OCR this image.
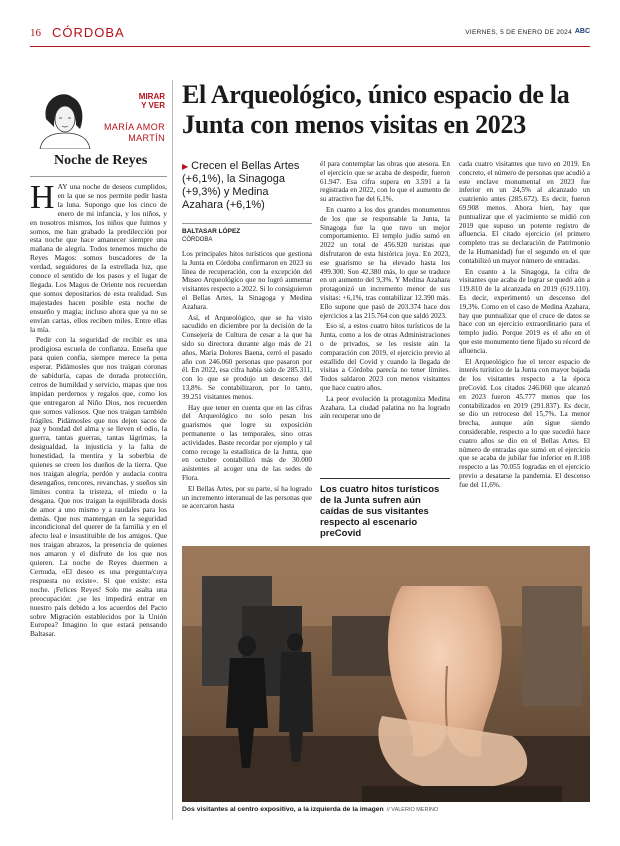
16 CÓRDOBA	VIERNES, 5 DE ENERO DE 2024 ABC
MIRAR
Y VER
MARÍA AMOR
MARTÍN
Noche de Reyes

HAY una noche de deseos cumplidos, en la que se nos permite pedir hasta la luna. Supongo que los cinco de enero de mi infancia, y los niños, y en nosotros mismos, los niños que fuimos y somos, me han grabado la predilección por esta noche que hace amanecer siempre una mañana de alegría. Todos tenemos mucho de Reyes Magos: somos buscadores de la verdad, seguidores de la estrellada luz, que conoce el sentido de los pasos y el lugar de llegada. Los Magos de Oriente nos recuerdan que somos depositarios de esta realidad. Sus majestades hacen posible esta noche de ensueño y magia; incluso ahora que ya no se envían cartas, ellos reciben miles. Entre ellas la mía.

Pedir con la seguridad de recibir es una prodigiosa escuela de confianza. Enseña que para quien confía, siempre merece la pena esperar. Pidámosles que nos traigan coronas de sabiduría, capas de dorada protección, cetros de humildad y servicio, mapas que nos impidan perdernos y regalos que, como los que entregaron al Niño Dios, nos recuerden que somos valiosos. Que nos traigan también frágiles. Pidámosles que nos dejen sacos de paz y bondad del alma y se lleven el odio, la guerra, tantas guerras, tantas lágrimas, la desigualdad, la injusticia y la falta de honestidad, la mentira y la soberbia de quienes se creen los dueños de la tierra. Que nos traigan alegría, perdón y audacia contra desengaños, rencores, revanchas, y sueños sin límites contra la tristeza, el miedo o la desgana. Que nos traigan la equilibrada dosis de amor a uno mismo y a raudales para los demás. Que nos mantengan en la seguridad incondicional del querer de la familia y en el afecto leal e insustituible de los amigos. Que nos traigan abrazos, la presencia de quienes nos amaron y el disfrute de los que nos quieren. La noche de Reyes duermen a Cernuda, «El deseo es una pregunta/cuya respuesta no existe». Si que existe: esta noche. ¡Felices Reyes! Solo me asalta una preocupación: ¿se les impedirá entrar en nuestro país debido a los acuerdos del Pacto sobre Migración establecidos por la Unión Europea? Imagino lo que estará pensando Baltasar.

El Arqueológico, único espacio de la Junta con menos visitas en 2023
▶ Crecen el Bellas Artes (+6,1%), la Sinagoga (+9,3%) y Medina Azahara (+6,1%)
BALTASAR LÓPEZ
CÓRDOBA

Los principales hitos turísticos que gestiona la Junta en Córdoba confirmaron en 2023 su línea de recuperación, con la excepción del Museo Arqueológico que no logró aumentar visitantes respecto a 2022. Si lo consiguieron el Bellas Artes, la Sinagoga y Medina Azahara.

Así, el Arqueológico, que se ha visto sacudido en diciembre por la decisión de la Consejería de Cultura de cesar a la que ha sido su directora durante algo más de 21 años, María Dolores Baena, cerró el pasado año con 246.060 personas que pasaron por él. En 2022, esa cifra había sido de 285.311, con lo que se produjo un descenso del 13,8%. Se contabilizaron, por lo tanto, 39.251 visitantes menos.

Hay que tener en cuenta que en las cifras del Arqueológico no solo pesan los guarismos que logre su exposición permanente o las temporales, sino otras actividades. Baste recordar por ejemplo y tal como recoge la estadística de la Junta, que en octubre contabilizó más de 30.000 asistentes al acoger una de las sedes de Flora.

El Bellas Artes, por su parte, sí ha logrado un incremento interanual de las personas que se acercaron hasta

él para contemplar las obras que atesora. En el ejercicio que se acaba de despedir, fueron 61.947. Esa cifra supera en 3.591 a la registrada en 2022, con lo que el aumento de su atractivo fue del 6,1%.

En cuanto a los dos grandes monumentos de los que se responsable la Junta, la Sinagoga fue la que tuvo un mejor comportamiento. El templo judío sumó en 2022 un total de 456.920 turistas que disfrutaron de esta histórica joya. En 2023, ese guarismo se ha elevado hasta los 499.300. Son 42.380 más, lo que se traduce en un aumento del 9,3%. Y Medina Azahara protagonizó un incremento menor de sus visitas: +6,1%, tras contabilizar 12.390 más. Ello supone que pasó de 203.374 hace dos ejercicios a las 215.764 con que saldó 2023.

Eso sí, a estos cuatro hitos turísticos de la Junta, como a los de otras Administraciones o de privados, se les resiste aún la comparación con 2019, el ejercicio previo al estallido del Covid y cuando la llegada de visitas a Córdoba parecía no tener límites. Todos saldaron 2023 con menos visitantes que hace cuatro años.

La peor evolución la protagoniza Medina Azahara. La ciudad palatina no ha logrado aún recuperar uno de

Los cuatro hitos turísticos de la Junta sufren aún caídas de sus visitantes respecto al escenario preCovid

cada cuatro visitantes que tuvo en 2019. En concreto, el número de personas que acudió a este enclave monumental en 2023 fue inferior en un 24,5% al alcanzado un cuatrienio antes (285.672). Es decir, fueron 69.908 menos. Ahora bien, hay que puntualizar que el yacimiento se midió con 2019 que supuso un potente registro de afluencia. El citado ejercicio (el primero completo tras su declaración de Patrimonio de la Humanidad) fue el segundo en el que contabilizó un mayor número de entradas.

En cuanto a la Sinagoga, la cifra de visitantes que acaba de lograr se quedó aún a 119.810 de la alcanzada en 2019 (619.110). Es decir, experimentó un descenso del 19,3%. Como en el caso de Medina Azahara, hay que puntualizar que el cruce de datos se hace con un ejercicio extraordinario para el templo judío. Porque 2019 es el año en el que este monumento tiene fijado su récord de afluencia.

El Arqueológico fue el tercer espacio de interés turístico de la Junta con mayor bajada de los visitantes respecto a la época preCovid. Los citados 246.060 que alcanzó en 2023 fueron 45.777 menos que los contabilizados en 2019 (291.837). Es decir, se dio un retroceso del 15,7%. La menor brecha, aunque aún sigue siendo considerable, respecto a lo que sucedió hace cuatro años se dio en el Bellas Artes. El número de entradas que sumó en el ejercicio que se acaba de jubilar fue inferior en 8.108 respecto a las 70.055 logradas en el ejercicio previo a desatarse la pandemia. El descenso fue del 11,6%.

Dos visitantes al centro expositivo, a la izquierda de la imagen // VALERIO MERINO
